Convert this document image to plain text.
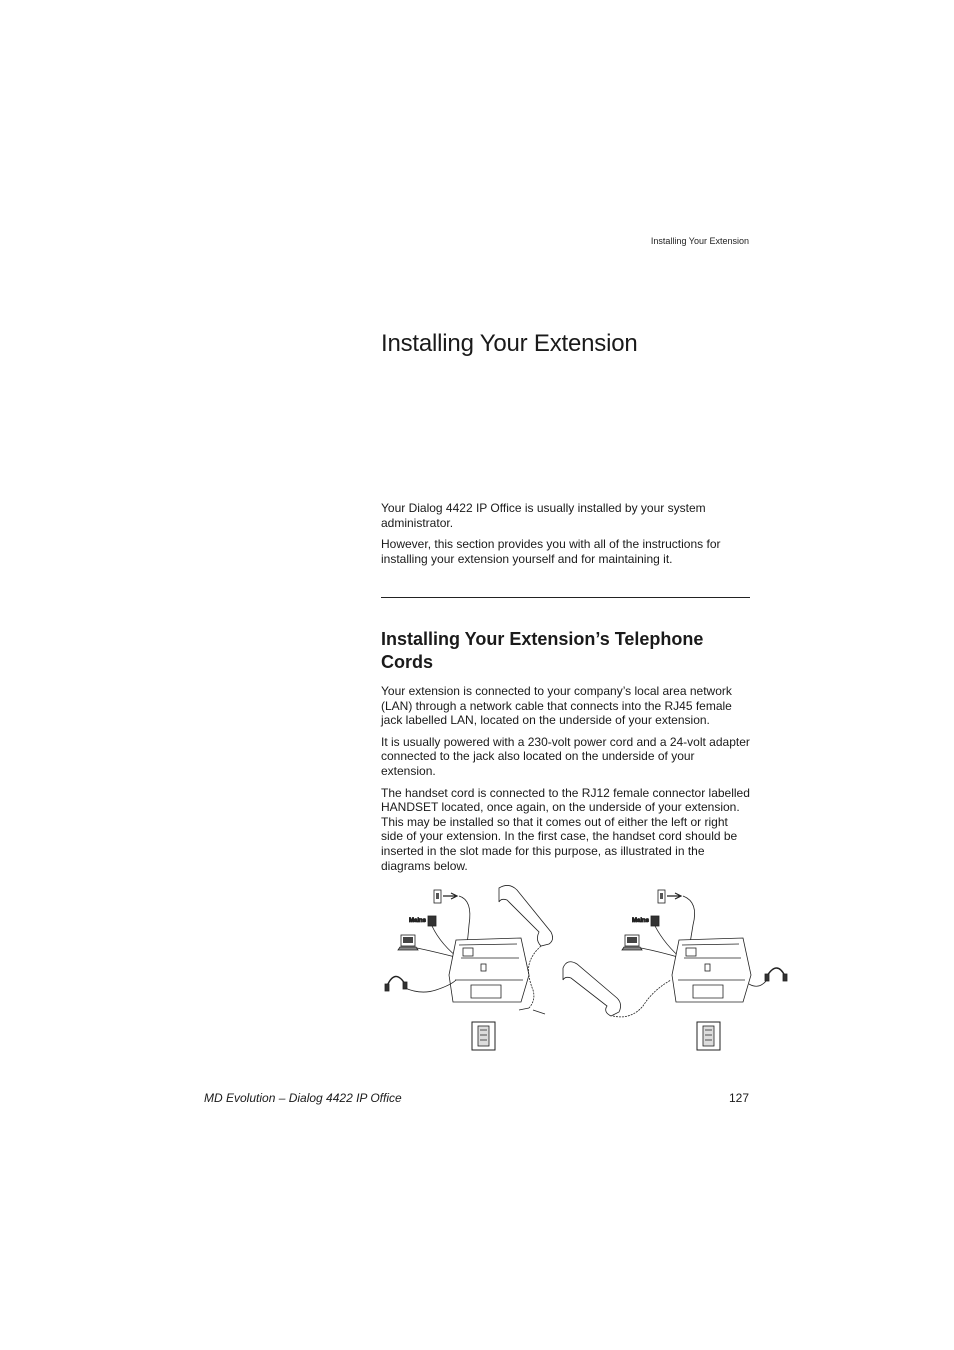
Installing Your Extension
Installing Your Extension

Your Dialog 4422 IP Office is usually installed by your system administrator.

However, this section provides you with all of the instructions for installing your extension yourself and for maintaining it.

Installing Your Extension’s Telephone Cords

Your extension is connected to your company’s local area network (LAN) through a network cable that connects into the RJ45 female jack labelled LAN, located on the underside of your extension.

It is usually powered with a 230-volt power cord and a 24-volt adapter connected to the jack also located on the underside of your extension.

The handset cord is connected to the RJ12 female connector labelled HANDSET located, once again, on the underside of your extension. This may be installed so that it comes out of either the left or right side of your extension. In the first case, the handset cord should be inserted in the slot made for this purpose, as illustrated in the diagrams below.

Mains	Mains
MD Evolution – Dialog 4422 IP Office	127
